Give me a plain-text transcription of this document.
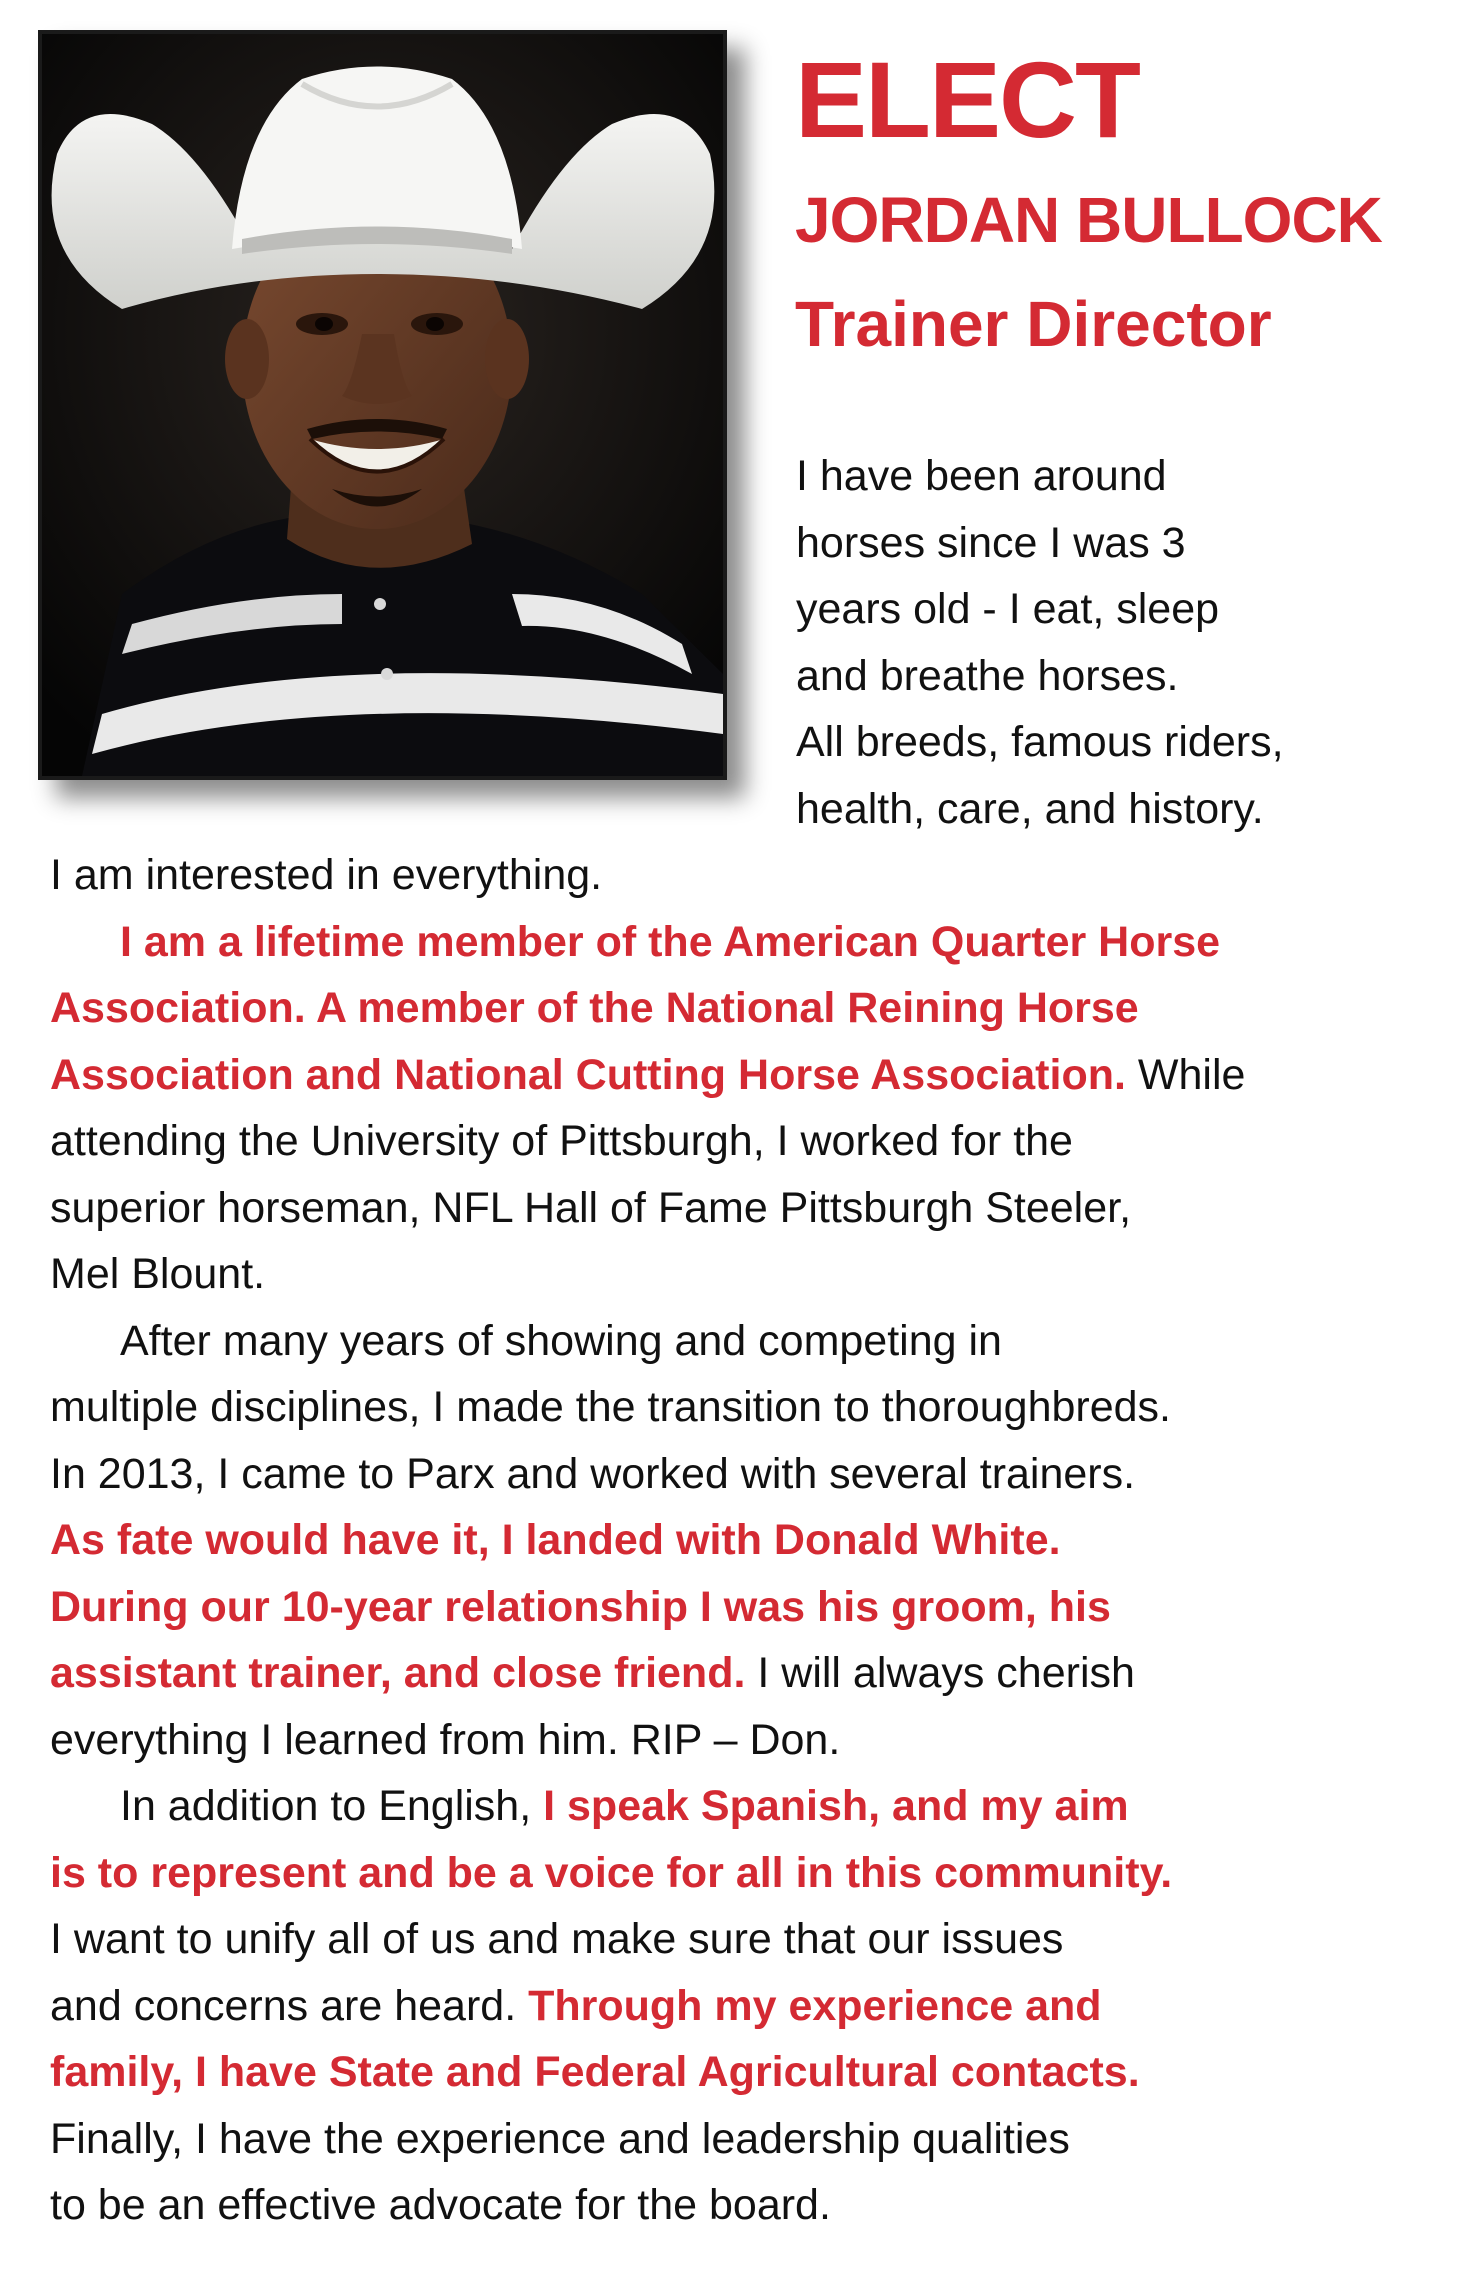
ELECT
JORDAN BULLOCK
Trainer Director
I have been around
horses since I was 3
years old - I eat, sleep
and breathe horses.
All breeds, famous riders,
health, care, and history.
I am interested in everything.
I am a lifetime member of the American Quarter Horse
Association. A member of the National Reining Horse
Association and National Cutting Horse Association. While
attending the University of Pittsburgh, I worked for the
superior horseman, NFL Hall of Fame Pittsburgh Steeler,
Mel Blount.
After many years of showing and competing in
multiple disciplines, I made the transition to thoroughbreds.
In 2013, I came to Parx and worked with several trainers.
As fate would have it, I landed with Donald White.
During our 10-year relationship I was his groom, his
assistant trainer, and close friend. I will always cherish
everything I learned from him. RIP – Don.
In addition to English, I speak Spanish, and my aim
is to represent and be a voice for all in this community.
I want to unify all of us and make sure that our issues
and concerns are heard. Through my experience and
family, I have State and Federal Agricultural contacts.
Finally, I have the experience and leadership qualities
to be an effective advocate for the board.
